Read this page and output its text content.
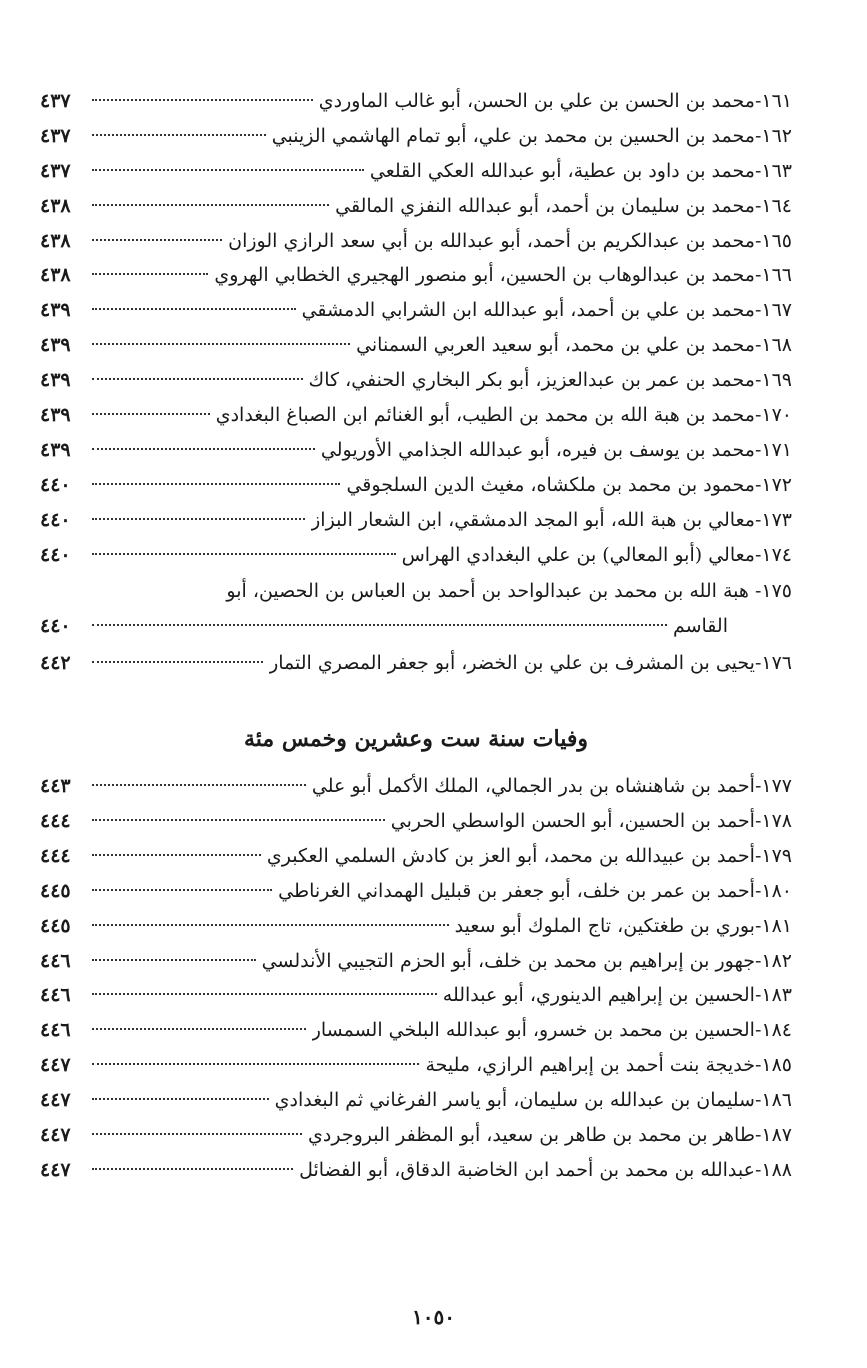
١٦١-
محمد بن الحسن بن علي بن الحسن، أبو غالب الماوردي
٤٣٧
١٦٢-
محمد بن الحسين بن محمد بن علي، أبو تمام الهاشمي الزينبي
٤٣٧
١٦٣-
محمد بن داود بن عطية، أبو عبدالله العكي القلعي
٤٣٧
١٦٤-
محمد بن سليمان بن أحمد، أبو عبدالله النفزي المالقي
٤٣٨
١٦٥-
محمد بن عبدالكريم بن أحمد، أبو عبدالله بن أبي سعد الرازي الوزان
٤٣٨
١٦٦-
محمد بن عبدالوهاب بن الحسين، أبو منصور الهجيري الخطابي الهروي
٤٣٨
١٦٧-
محمد بن علي بن أحمد، أبو عبدالله ابن الشرابي الدمشقي
٤٣٩
١٦٨-
محمد بن علي بن محمد، أبو سعيد العربي السمناني
٤٣٩
١٦٩-
محمد بن عمر بن عبدالعزيز، أبو بكر البخاري الحنفي، كاك
٤٣٩
١٧٠-
محمد بن هبة الله بن محمد بن الطيب، أبو الغنائم ابن الصباغ البغدادي
٤٣٩
١٧١-
محمد بن يوسف بن فيره، أبو عبدالله الجذامي الأوريولي
٤٣٩
١٧٢-
محمود بن محمد بن ملكشاه، مغيث الدين السلجوقي
٤٤٠
١٧٣-
معالي بن هبة الله، أبو المجد الدمشقي، ابن الشعار البزاز
٤٤٠
١٧٤-
معالي (أبو المعالي) بن علي البغدادي الهراس
٤٤٠
١٧٥- هبة الله بن محمد بن عبدالواحد بن أحمد بن العباس بن الحصين، أبو
القاسم
٤٤٠
١٧٦-
يحيى بن المشرف بن علي بن الخضر، أبو جعفر المصري التمار
٤٤٢
وفيات سنة ست وعشرين وخمس مئة
١٧٧-
أحمد بن شاهنشاه بن بدر الجمالي، الملك الأكمل أبو علي
٤٤٣
١٧٨-
أحمد بن الحسين، أبو الحسن الواسطي الحربي
٤٤٤
١٧٩-
أحمد بن عبيدالله بن محمد، أبو العز بن كادش السلمي العكبري
٤٤٤
١٨٠-
أحمد بن عمر بن خلف، أبو جعفر بن قبليل الهمداني الغرناطي
٤٤٥
١٨١-
بوري بن طغتكين، تاج الملوك أبو سعيد
٤٤٥
١٨٢-
جهور بن إبراهيم بن محمد بن خلف، أبو الحزم التجيبي الأندلسي
٤٤٦
١٨٣-
الحسين بن إبراهيم الدينوري، أبو عبدالله
٤٤٦
١٨٤-
الحسين بن محمد بن خسرو، أبو عبدالله البلخي السمسار
٤٤٦
١٨٥-
خديجة بنت أحمد بن إبراهيم الرازي، مليحة
٤٤٧
١٨٦-
سليمان بن عبدالله بن سليمان، أبو ياسر الفرغاني ثم البغدادي
٤٤٧
١٨٧-
طاهر بن محمد بن طاهر بن سعيد، أبو المظفر البروجردي
٤٤٧
١٨٨-
عبدالله بن محمد بن أحمد ابن الخاضبة الدقاق، أبو الفضائل
٤٤٧
١٠٥٠
